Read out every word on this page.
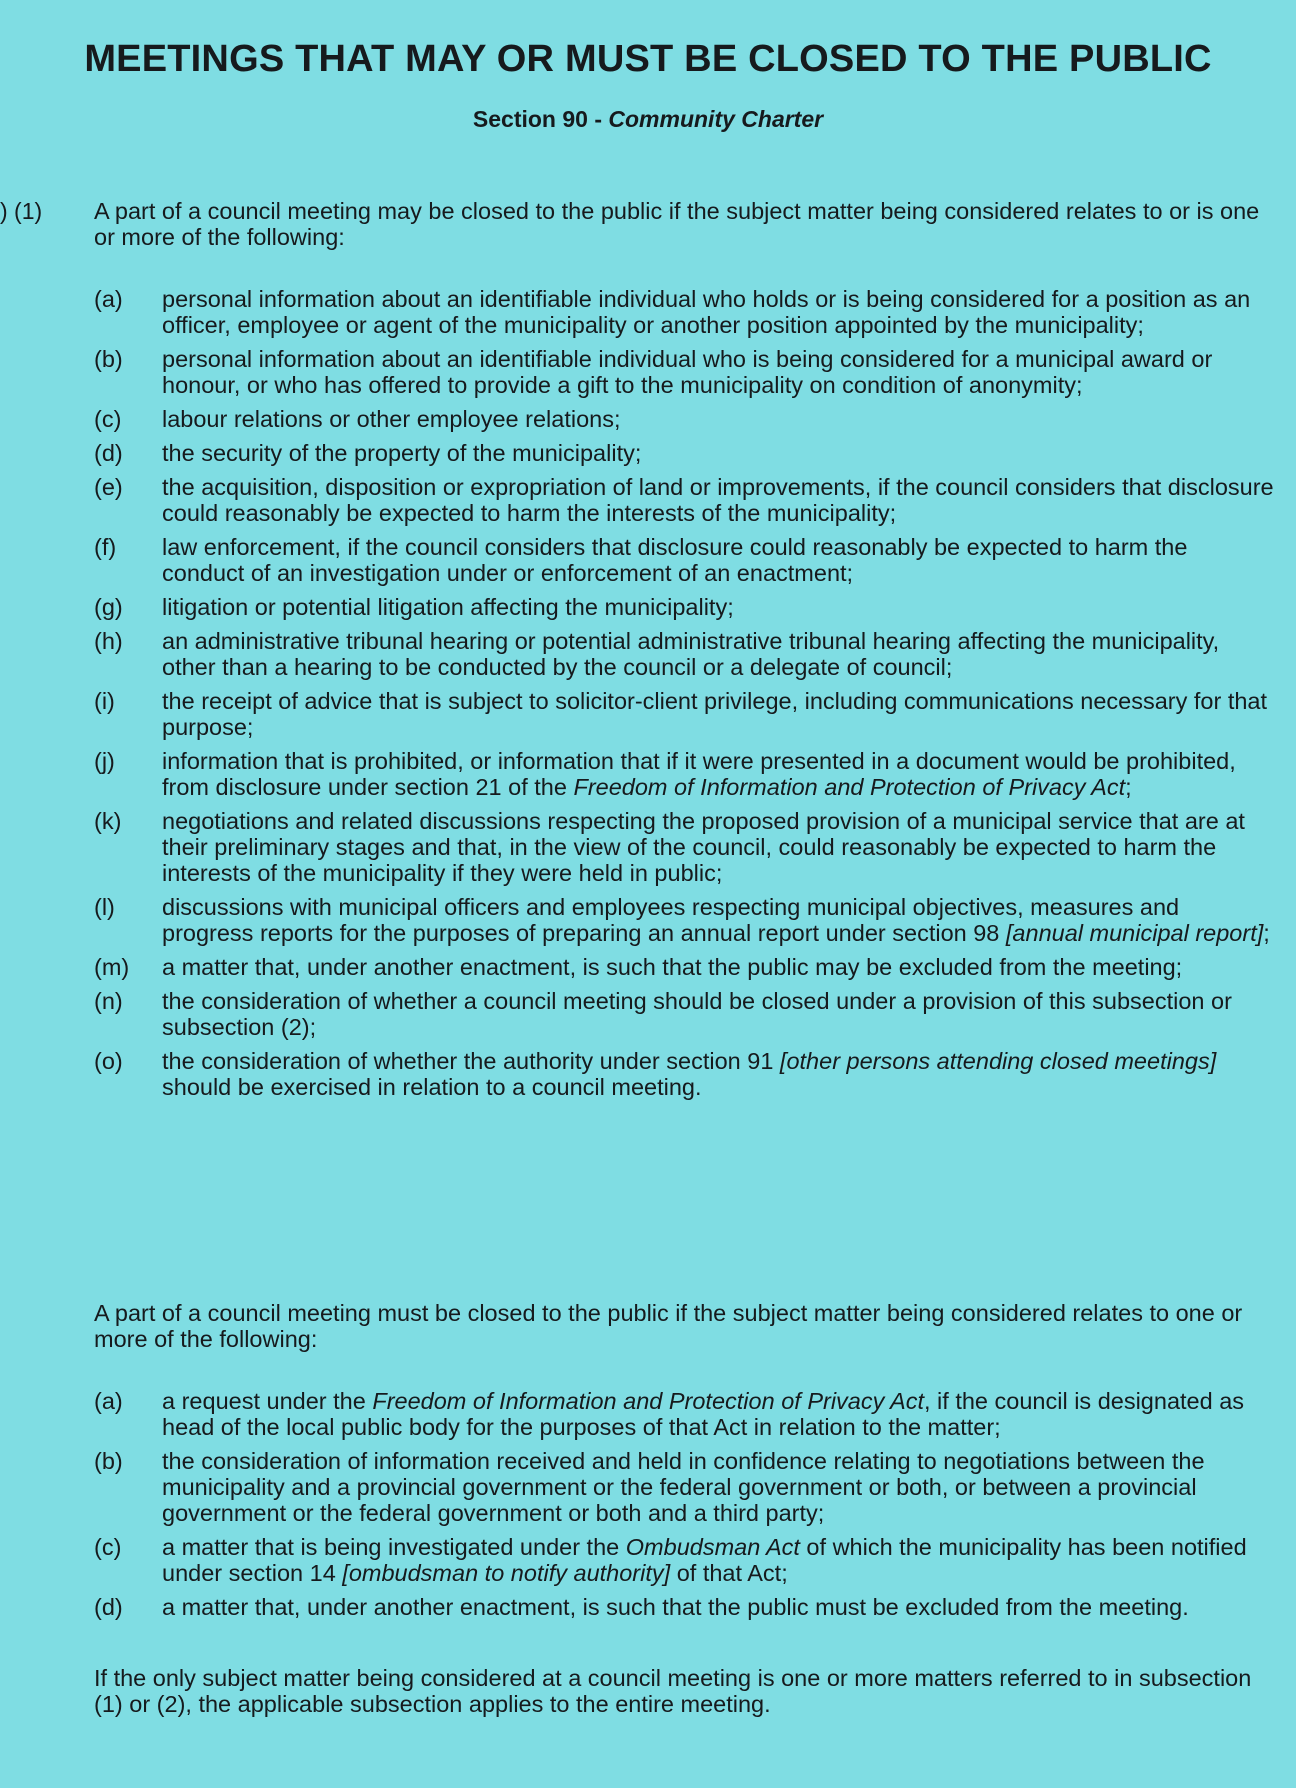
MEETINGS THAT MAY OR MUST BE CLOSED TO THE PUBLIC
Section 90 - Community Charter
) (1) A part of a council meeting may be closed to the public if the subject matter being considered relates to or is one or more of the following:

(a)	personal information about an identifiable individual who holds or is being considered for a position as an officer, employee or agent of the municipality or another position appointed by the municipality;
(b)	personal information about an identifiable individual who is being considered for a municipal award or honour, or who has offered to provide a gift to the municipality on condition of anonymity;
(c)	labour relations or other employee relations;
(d)	the security of the property of the municipality;
(e)	the acquisition, disposition or expropriation of land or improvements, if the council considers that disclosure could reasonably be expected to harm the interests of the municipality;
(f)	law enforcement, if the council considers that disclosure could reasonably be expected to harm the conduct of an investigation under or enforcement of an enactment;
(g)	litigation or potential litigation affecting the municipality;
(h)	an administrative tribunal hearing or potential administrative tribunal hearing affecting the municipality, other than a hearing to be conducted by the council or a delegate of council;
(i)	the receipt of advice that is subject to solicitor-client privilege, including communications necessary for that purpose;
(j)	information that is prohibited, or information that if it were presented in a document would be prohibited, from disclosure under section 21 of the Freedom of Information and Protection of Privacy Act;
(k)	negotiations and related discussions respecting the proposed provision of a municipal service that are at their preliminary stages and that, in the view of the council, could reasonably be expected to harm the interests of the municipality if they were held in public;
(l)	discussions with municipal officers and employees respecting municipal objectives, measures and progress reports for the purposes of preparing an annual report under section 98 [annual municipal report];
(m)	a matter that, under another enactment, is such that the public may be excluded from the meeting;
(n)	the consideration of whether a council meeting should be closed under a provision of this subsection or subsection (2);
(o)	the consideration of whether the authority under section 91 [other persons attending closed meetings] should be exercised in relation to a council meeting.

A part of a council meeting must be closed to the public if the subject matter being considered relates to one or more of the following:

(a)	a request under the Freedom of Information and Protection of Privacy Act, if the council is designated as head of the local public body for the purposes of that Act in relation to the matter;
(b)	the consideration of information received and held in confidence relating to negotiations between the municipality and a provincial government or the federal government or both, or between a provincial government or the federal government or both and a third party;
(c)	a matter that is being investigated under the Ombudsman Act of which the municipality has been notified under section 14 [ombudsman to notify authority] of that Act;
(d)	a matter that, under another enactment, is such that the public must be excluded from the meeting.

If the only subject matter being considered at a council meeting is one or more matters referred to in subsection (1) or (2), the applicable subsection applies to the entire meeting.
